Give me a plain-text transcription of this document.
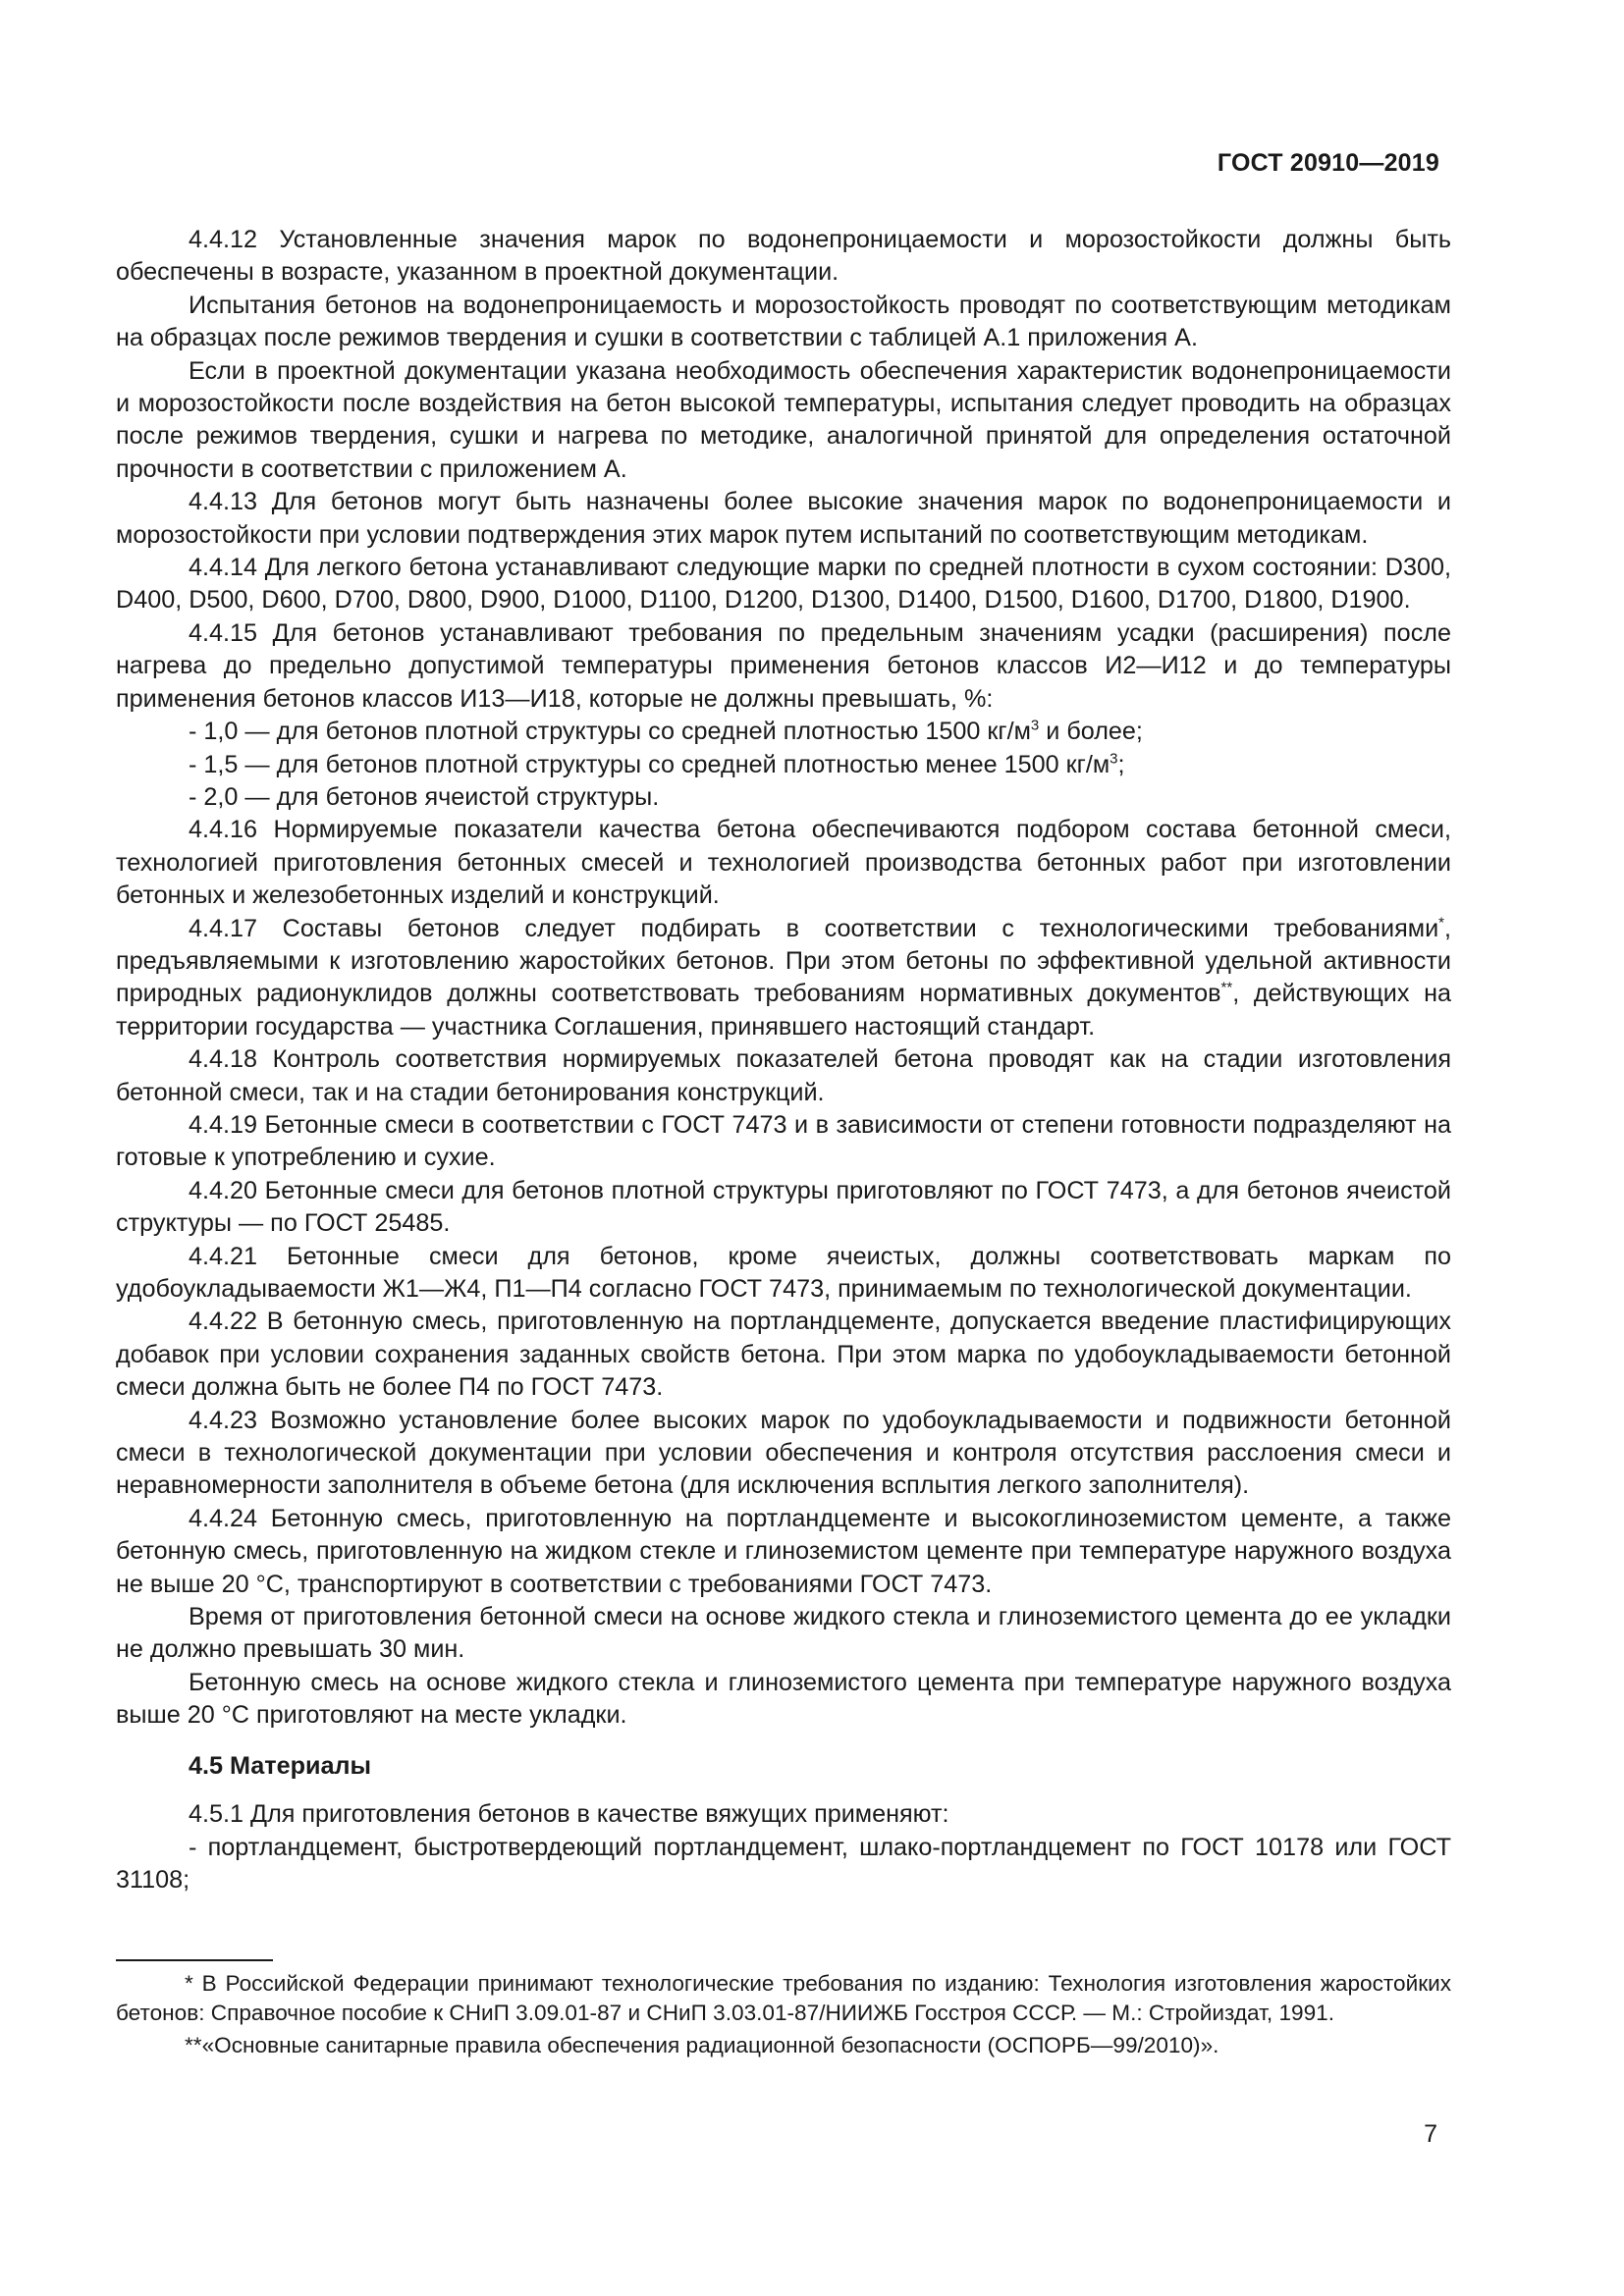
ГОСТ 20910—2019

4.4.12 Установленные значения марок по водонепроницаемости и морозостойкости должны быть обеспечены в возрасте, указанном в проектной документации.

Испытания бетонов на водонепроницаемость и морозостойкость проводят по соответствующим методикам на образцах после режимов твердения и сушки в соответствии с таблицей А.1 приложения А.

Если в проектной документации указана необходимость обеспечения характеристик водонепроницаемости и морозостойкости после воздействия на бетон высокой температуры, испытания следует проводить на образцах после режимов твердения, сушки и нагрева по методике, аналогичной принятой для определения остаточной прочности в соответствии с приложением А.

4.4.13 Для бетонов могут быть назначены более высокие значения марок по водонепроницаемости и морозостойкости при условии подтверждения этих марок путем испытаний по соответствующим методикам.

4.4.14 Для легкого бетона устанавливают следующие марки по средней плотности в сухом состоянии: D300, D400, D500, D600, D700, D800, D900, D1000, D1100, D1200, D1300, D1400, D1500, D1600, D1700, D1800, D1900.

4.4.15 Для бетонов устанавливают требования по предельным значениям усадки (расширения) после нагрева до предельно допустимой температуры применения бетонов классов И2—И12 и до температуры применения бетонов классов И13—И18, которые не должны превышать, %:

- 1,0 — для бетонов плотной структуры со средней плотностью 1500 $кг/м^3$ и более;

- 1,5 — для бетонов плотной структуры со средней плотностью менее 1500 $кг/м^3$;

- 2,0 — для бетонов ячеистой структуры.

4.4.16 Нормируемые показатели качества бетона обеспечиваются подбором состава бетонной смеси, технологией приготовления бетонных смесей и технологией производства бетонных работ при изготовлении бетонных и железобетонных изделий и конструкций.

4.4.17 Составы бетонов следует подбирать в соответствии с технологическими требованиями*, предъявляемыми к изготовлению жаростойких бетонов. При этом бетоны по эффективной удельной активности природных радионуклидов должны соответствовать требованиям нормативных документов**, действующих на территории государства — участника Соглашения, принявшего настоящий стандарт.

4.4.18 Контроль соответствия нормируемых показателей бетона проводят как на стадии изготовления бетонной смеси, так и на стадии бетонирования конструкций.

4.4.19 Бетонные смеси в соответствии с ГОСТ 7473 и в зависимости от степени готовности подразделяют на готовые к употреблению и сухие.

4.4.20 Бетонные смеси для бетонов плотной структуры приготовляют по ГОСТ 7473, а для бетонов ячеистой структуры — по ГОСТ 25485.

4.4.21 Бетонные смеси для бетонов, кроме ячеистых, должны соответствовать маркам по удобоукладываемости Ж1—Ж4, П1—П4 согласно ГОСТ 7473, принимаемым по технологической документации.

4.4.22 В бетонную смесь, приготовленную на портландцементе, допускается введение пластифицирующих добавок при условии сохранения заданных свойств бетона. При этом марка по удобоукладываемости бетонной смеси должна быть не более П4 по ГОСТ 7473.

4.4.23 Возможно установление более высоких марок по удобоукладываемости и подвижности бетонной смеси в технологической документации при условии обеспечения и контроля отсутствия расслоения смеси и неравномерности заполнителя в объеме бетона (для исключения всплытия легкого заполнителя).

4.4.24 Бетонную смесь, приготовленную на портландцементе и высокоглиноземистом цементе, а также бетонную смесь, приготовленную на жидком стекле и глиноземистом цементе при температуре наружного воздуха не выше 20 °С, транспортируют в соответствии с требованиями ГОСТ 7473.

Время от приготовления бетонной смеси на основе жидкого стекла и глиноземистого цемента до ее укладки не должно превышать 30 мин.

Бетонную смесь на основе жидкого стекла и глиноземистого цемента при температуре наружного воздуха выше 20 °С приготовляют на месте укладки.

4.5 Материалы

4.5.1 Для приготовления бетонов в качестве вяжущих применяют:

- портландцемент, быстротвердеющий портландцемент, шлако-портландцемент по ГОСТ 10178 или ГОСТ 31108;

* В Российской Федерации принимают технологические требования по изданию: Технология изготовления жаростойких бетонов: Справочное пособие к СНиП 3.09.01-87 и СНиП 3.03.01-87/НИИЖБ Госстроя СССР. — М.: Стройиздат, 1991.

**«Основные санитарные правила обеспечения радиационной безопасности (ОСПОРБ—99/2010)».

7
